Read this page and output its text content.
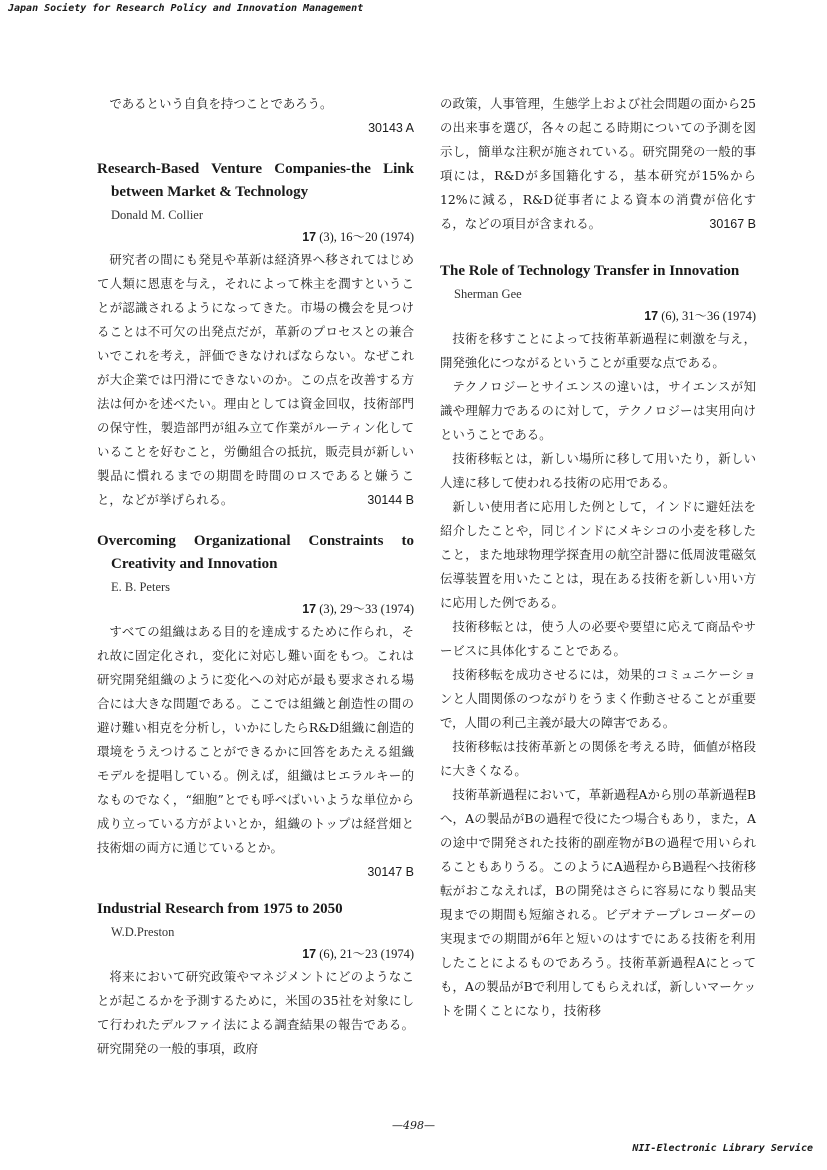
Japan Society for Research Policy and Innovation Management

であるという自負を持つことであろう。

30143 A

Research-Based Venture Companies-the Link between Market & Technology

Donald M. Collier

17 (3), 16～20 (1974)

研究者の間にも発見や革新は経済界へ移されてはじめて人類に恩恵を与え，それによって株主を潤すということが認識されるようになってきた。市場の機会を見つけることは不可欠の出発点だが，革新のプロセスとの兼合いでこれを考え，評価できなければならない。なぜこれが大企業では円滑にできないのか。この点を改善する方法は何かを述べたい。理由としては資金回収，技術部門の保守性，製造部門が組み立て作業がルーティン化していることを好むこと，労働組合の抵抗，販売員が新しい製品に慣れるまでの期間を時間のロスであると嫌うこと，などが挙げられる。	30144 B

Overcoming Organizational Constraints to Creativity and Innovation

E. B. Peters

17 (3), 29～33 (1974)

すべての組織はある目的を達成するために作られ，それ故に固定化され，変化に対応し難い面をもつ。これは研究開発組織のように変化への対応が最も要求される場合には大きな問題である。ここでは組織と創造性の間の避け難い相克を分析し，いかにしたらR&D組織に創造的環境をうえつけることができるかに回答をあたえる組織モデルを提唱している。例えば，組織はヒエラルキー的なものでなく，“細胞”とでも呼べばいいような単位から成り立っている方がよいとか，組織のトップは経営畑と技術畑の両方に通じているとか。

30147 B

Industrial Research from 1975 to 2050

W.D.Preston

17 (6), 21～23 (1974)

将来において研究政策やマネジメントにどのようなことが起こるかを予測するために，米国の35社を対象にして行われたデルファイ法による調査結果の報告である。研究開発の一般的事項，政府

の政策，人事管理，生態学上および社会問題の面から25の出来事を選び，各々の起こる時期についての予測を図示し，簡単な注釈が施されている。研究開発の一般的事項には，R&Dが多国籍化する，基本研究が15%から12%に減る，R&D従事者による資本の消費が倍化する，などの項目が含まれる。	30167 B

The Role of Technology Transfer in Innovation

Sherman Gee

17 (6), 31～36 (1974)

技術を移すことによって技術革新過程に刺激を与え，開発強化につながるということが重要な点である。

テクノロジーとサイエンスの違いは，サイエンスが知識や理解力であるのに対して，テクノロジーは実用向けということである。

技術移転とは，新しい場所に移して用いたり，新しい人達に移して使われる技術の応用である。

新しい使用者に応用した例として，インドに避妊法を紹介したことや，同じインドにメキシコの小麦を移したこと，また地球物理学探査用の航空計器に低周波電磁気伝導装置を用いたことは，現在ある技術を新しい用い方に応用した例である。

技術移転とは，使う人の必要や要望に応えて商品やサービスに具体化することである。

技術移転を成功させるには，効果的コミュニケーションと人間関係のつながりをうまく作動させることが重要で，人間の利己主義が最大の障害である。

技術移転は技術革新との関係を考える時，価値が格段に大きくなる。

技術革新過程において，革新過程Aから別の革新過程Bへ，Aの製品がBの過程で役にたつ場合もあり，また，Aの途中で開発された技術的副産物がBの過程で用いられることもありうる。このようにA過程からB過程へ技術移転がおこなえれば，Bの開発はさらに容易になり製品実現までの期間も短縮される。ビデオテープレコーダーの実現までの期間が6年と短いのはすでにある技術を利用したことによるものであろう。技術革新過程Aにとっても，Aの製品がBで利用してもらえれば，新しいマーケットを開くことになり，技術移

—498—
NII-Electronic Library Service
